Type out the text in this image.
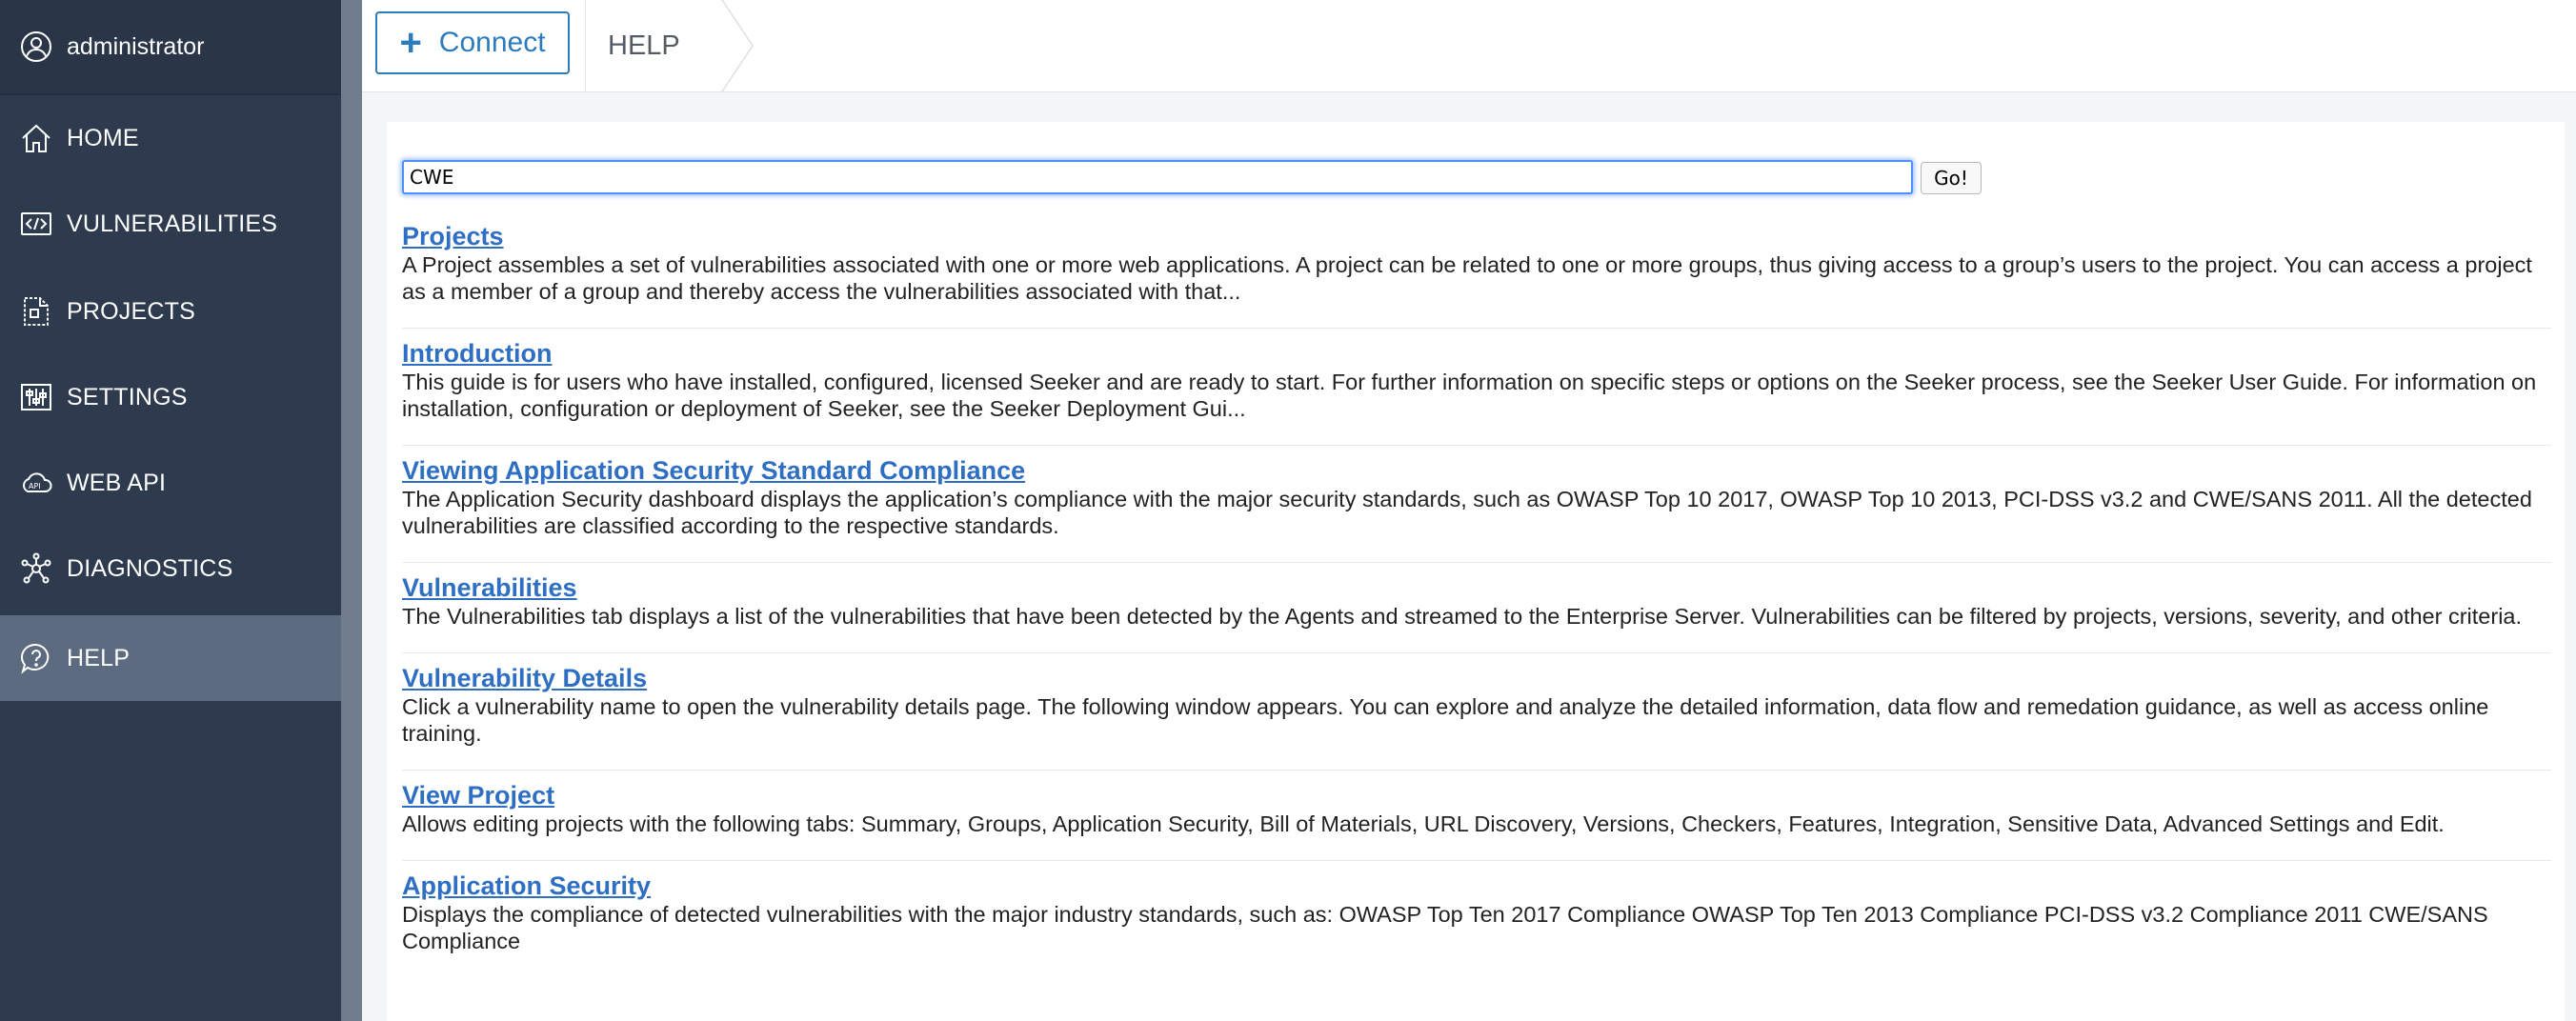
administrator
HOME
VULNERABILITIES
PROJECTS
SETTINGS
API WEB API
DIAGNOSTICS
HELP
+ Connect	HELP
CWE
Go!
Projects

A Project assembles a set of vulnerabilities associated with one or more web applications. A project can be related to one or more groups, thus giving access to a group’s users to the project. You can access a project as a member of a group and thereby access the vulnerabilities associated with that...

Introduction

This guide is for users who have installed, configured, licensed Seeker and are ready to start. For further information on specific steps or options on the Seeker process, see the Seeker User Guide. For information on installation, configuration or deployment of Seeker, see the Seeker Deployment Gui...

Viewing Application Security Standard Compliance

The Application Security dashboard displays the application’s compliance with the major security standards, such as OWASP Top 10 2017, OWASP Top 10 2013, PCI-DSS v3.2 and CWE/SANS 2011. All the detected vulnerabilities are classified according to the respective standards.

Vulnerabilities

The Vulnerabilities tab displays a list of the vulnerabilities that have been detected by the Agents and streamed to the Enterprise Server. Vulnerabilities can be filtered by projects, versions, severity, and other criteria.

Vulnerability Details

Click a vulnerability name to open the vulnerability details page. The following window appears. You can explore and analyze the detailed information, data flow and remedation guidance, as well as access online training.

View Project

Allows editing projects with the following tabs: Summary, Groups, Application Security, Bill of Materials, URL Discovery, Versions, Checkers, Features, Integration, Sensitive Data, Advanced Settings and Edit.

Application Security

Displays the compliance of detected vulnerabilities with the major industry standards, such as: OWASP Top Ten 2017 Compliance OWASP Top Ten 2013 Compliance PCI-DSS v3.2 Compliance 2011 CWE/SANS Compliance
